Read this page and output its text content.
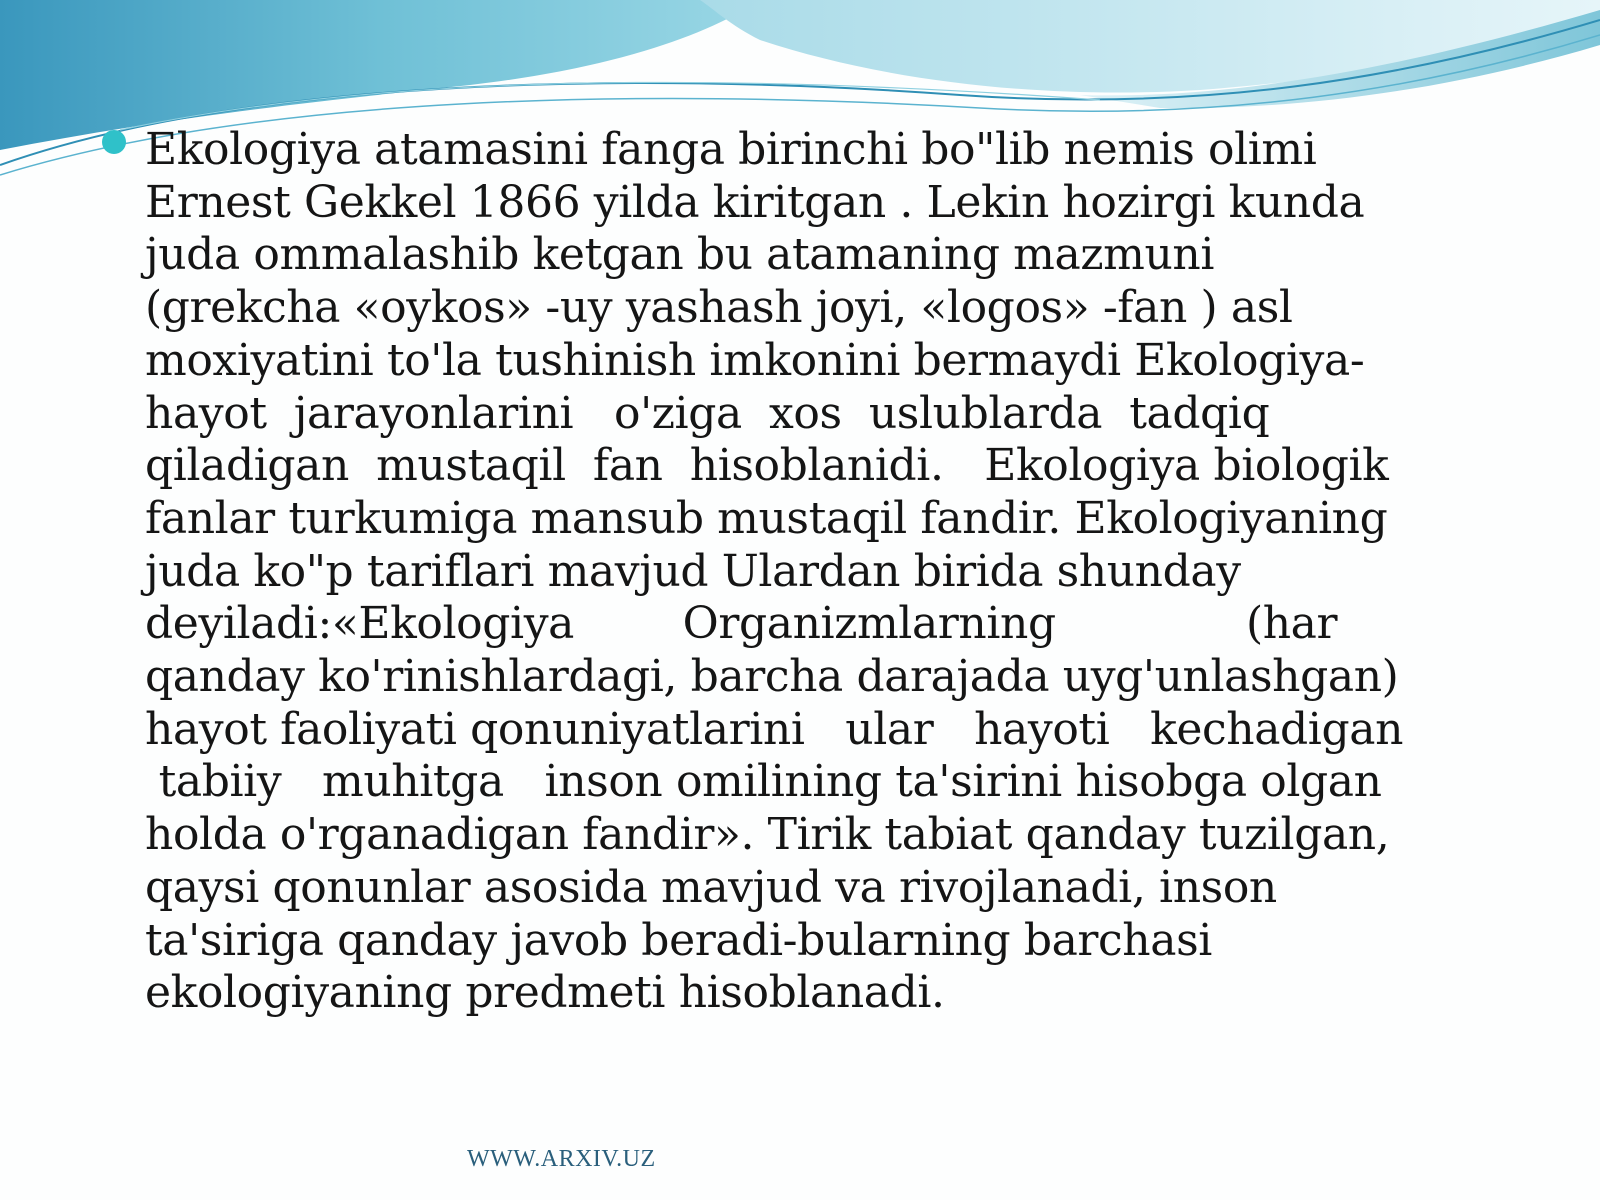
Ekologiya atamasini fanga birinchi bo"lib nemis olimi
Ernest Gekkel 1866 yilda kiritgan . Lekin hozirgi kunda
juda ommalashib ketgan bu atamaning mazmuni
(grekcha «oykos» -uy yashash joyi, «logos» -fan ) asl
moxiyatini to'la tushinish imkonini bermaydi Ekologiya-
hayot  jarayonlarini   o'ziga  xos  uslublarda  tadqiq
qiladigan  mustaqil  fan  hisoblanidi.   Ekologiya biologik
fanlar turkumiga mansub mustaqil fandir. Ekologiyaning
juda ko"p tariflari mavjud Ulardan birida shunday
deyiladi:«Ekologiya        Organizmlarning              (har
qanday ko'rinishlardagi, barcha darajada uyg'unlashgan)
hayot faoliyati qonuniyatlarini   ular   hayoti   kechadigan
tabiiy   muhitga   inson omilining ta'sirini hisobga olgan
holda o'rganadigan fandir». Tirik tabiat qanday tuzilgan,
qaysi qonunlar asosida mavjud va rivojlanadi, inson
ta'siriga qanday javob beradi-bularning barchasi
ekologiyaning predmeti hisoblanadi.

WWW.ARXIV.UZ
